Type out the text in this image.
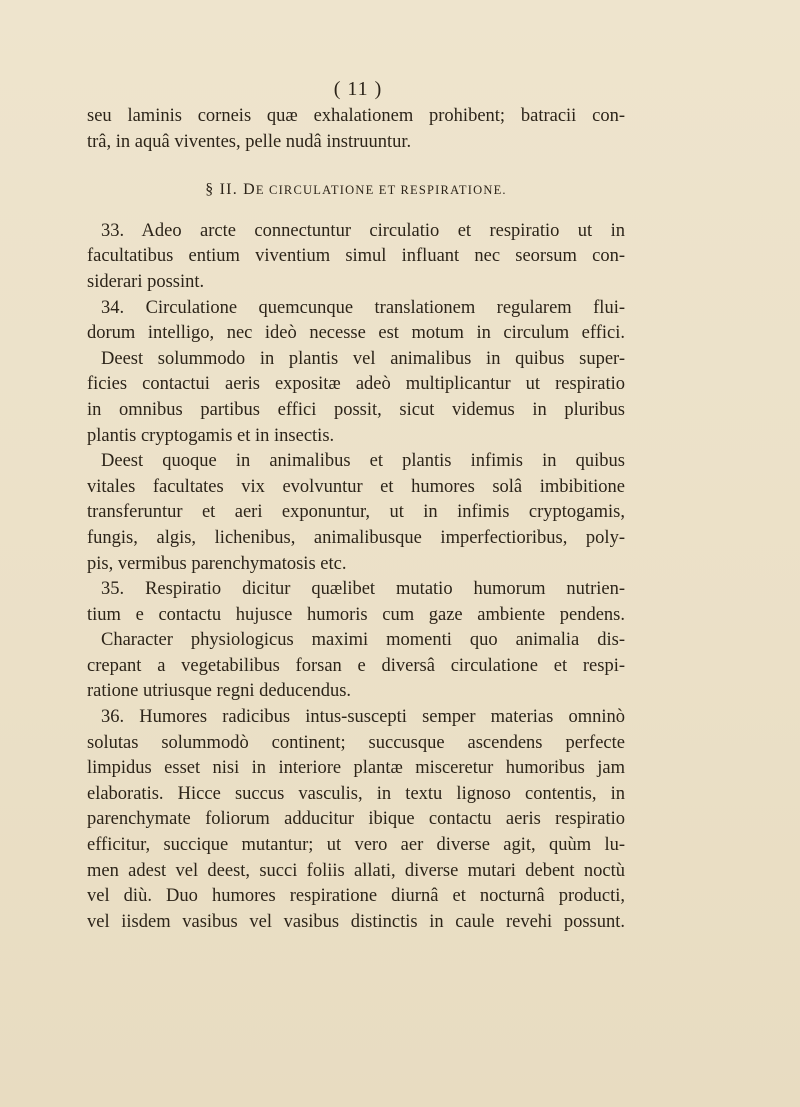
( 11 )
seu laminis corneis quæ exhalationem prohibent; batracii con-
trâ, in aquâ viventes, pelle nudâ instruuntur.
§ II. DE CIRCULATIONE ET RESPIRATIONE.
33. Adeo arcte connectuntur circulatio et respiratio ut in
facultatibus entium viventium simul influant nec seorsum con-
siderari possint.
34. Circulatione quemcunque translationem regularem flui-
dorum intelligo, nec ideò necesse est motum in circulum effici.
Deest solummodo in plantis vel animalibus in quibus super-
ficies contactui aeris expositæ adeò multiplicantur ut respiratio
in omnibus partibus effici possit, sicut videmus in pluribus
plantis cryptogamis et in insectis.
Deest quoque in animalibus et plantis infimis in quibus
vitales facultates vix evolvuntur et humores solâ imbibitione
transferuntur et aeri exponuntur, ut in infimis cryptogamis,
fungis, algis, lichenibus, animalibusque imperfectioribus, poly-
pis, vermibus parenchymatosis etc.
35. Respiratio dicitur quælibet mutatio humorum nutrien-
tium e contactu hujusce humoris cum gaze ambiente pendens.
Character physiologicus maximi momenti quo animalia dis-
crepant a vegetabilibus forsan e diversâ circulatione et respi-
ratione utriusque regni deducendus.
36. Humores radicibus intus-suscepti semper materias omninò
solutas solummodò continent; succusque ascendens perfecte
limpidus esset nisi in interiore plantæ misceretur humoribus jam
elaboratis. Hicce succus vasculis, in textu lignoso contentis, in
parenchymate foliorum adducitur ibique contactu aeris respiratio
efficitur, succique mutantur; ut vero aer diverse agit, quùm lu-
men adest vel deest, succi foliis allati, diverse mutari debent noctù
vel diù. Duo humores respiratione diurnâ et nocturnâ producti,
vel iisdem vasibus vel vasibus distinctis in caule revehi possunt.
